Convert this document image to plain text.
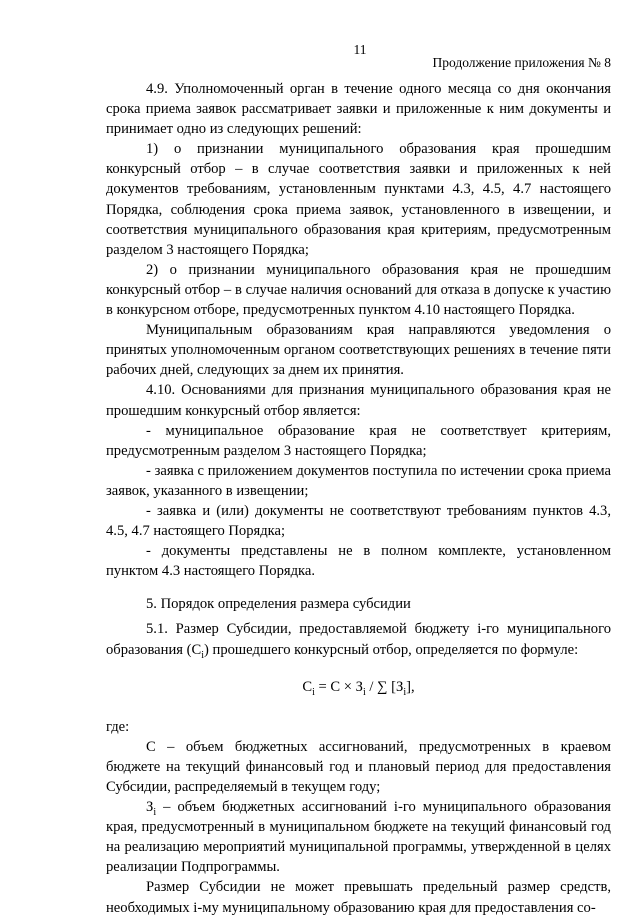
11
Продолжение приложения № 8

4.9. Уполномоченный орган в течение одного месяца со дня окончания срока приема заявок рассматривает заявки и приложенные к ним документы и принимает одно из следующих решений:

1) о признании муниципального образования края прошедшим конкурсный отбор – в случае соответствия заявки и приложенных к ней документов требованиям, установленным пунктами 4.3, 4.5, 4.7 настоящего Порядка, соблюдения срока приема заявок, установленного в извещении, и соответствия муниципального образования края критериям, предусмотренным разделом 3 настоящего Порядка;

2) о признании муниципального образования края не прошедшим конкурсный отбор – в случае наличия оснований для отказа в допуске к участию в конкурсном отборе, предусмотренных пунктом 4.10 настоящего Порядка.

Муниципальным образованиям края направляются уведомления о принятых уполномоченным органом соответствующих решениях в течение пяти рабочих дней, следующих за днем их принятия.

4.10. Основаниями для признания муниципального образования края не прошедшим конкурсный отбор является:

- муниципальное образование края не соответствует критериям, предусмотренным разделом 3 настоящего Порядка;

- заявка с приложением документов поступила по истечении срока приема заявок, указанного в извещении;

- заявка и (или) документы не соответствуют требованиям пунктов 4.3, 4.5, 4.7 настоящего Порядка;

- документы представлены не в полном комплекте, установленном пунктом 4.3 настоящего Порядка.

5. Порядок определения размера субсидии

5.1. Размер Субсидии, предоставляемой бюджету i-го муниципального образования $(C_i)$ прошедшего конкурсный отбор, определяется по формуле:

$C_i = C \times З_i$ / ∑ $[З_i]$,

где:

C – объем бюджетных ассигнований, предусмотренных в краевом бюджете на текущий финансовый год и плановый период для предоставления Субсидии, распределяемый в текущем году;

$З_i$ – объем бюджетных ассигнований i-го муниципального образования края, предусмотренный в муниципальном бюджете на текущий финансовый год на реализацию мероприятий муниципальной программы, утвержденной в целях реализации Подпрограммы.

Размер Субсидии не может превышать предельный размер средств, необходимых i-му муниципальному образованию края для предоставления со-
